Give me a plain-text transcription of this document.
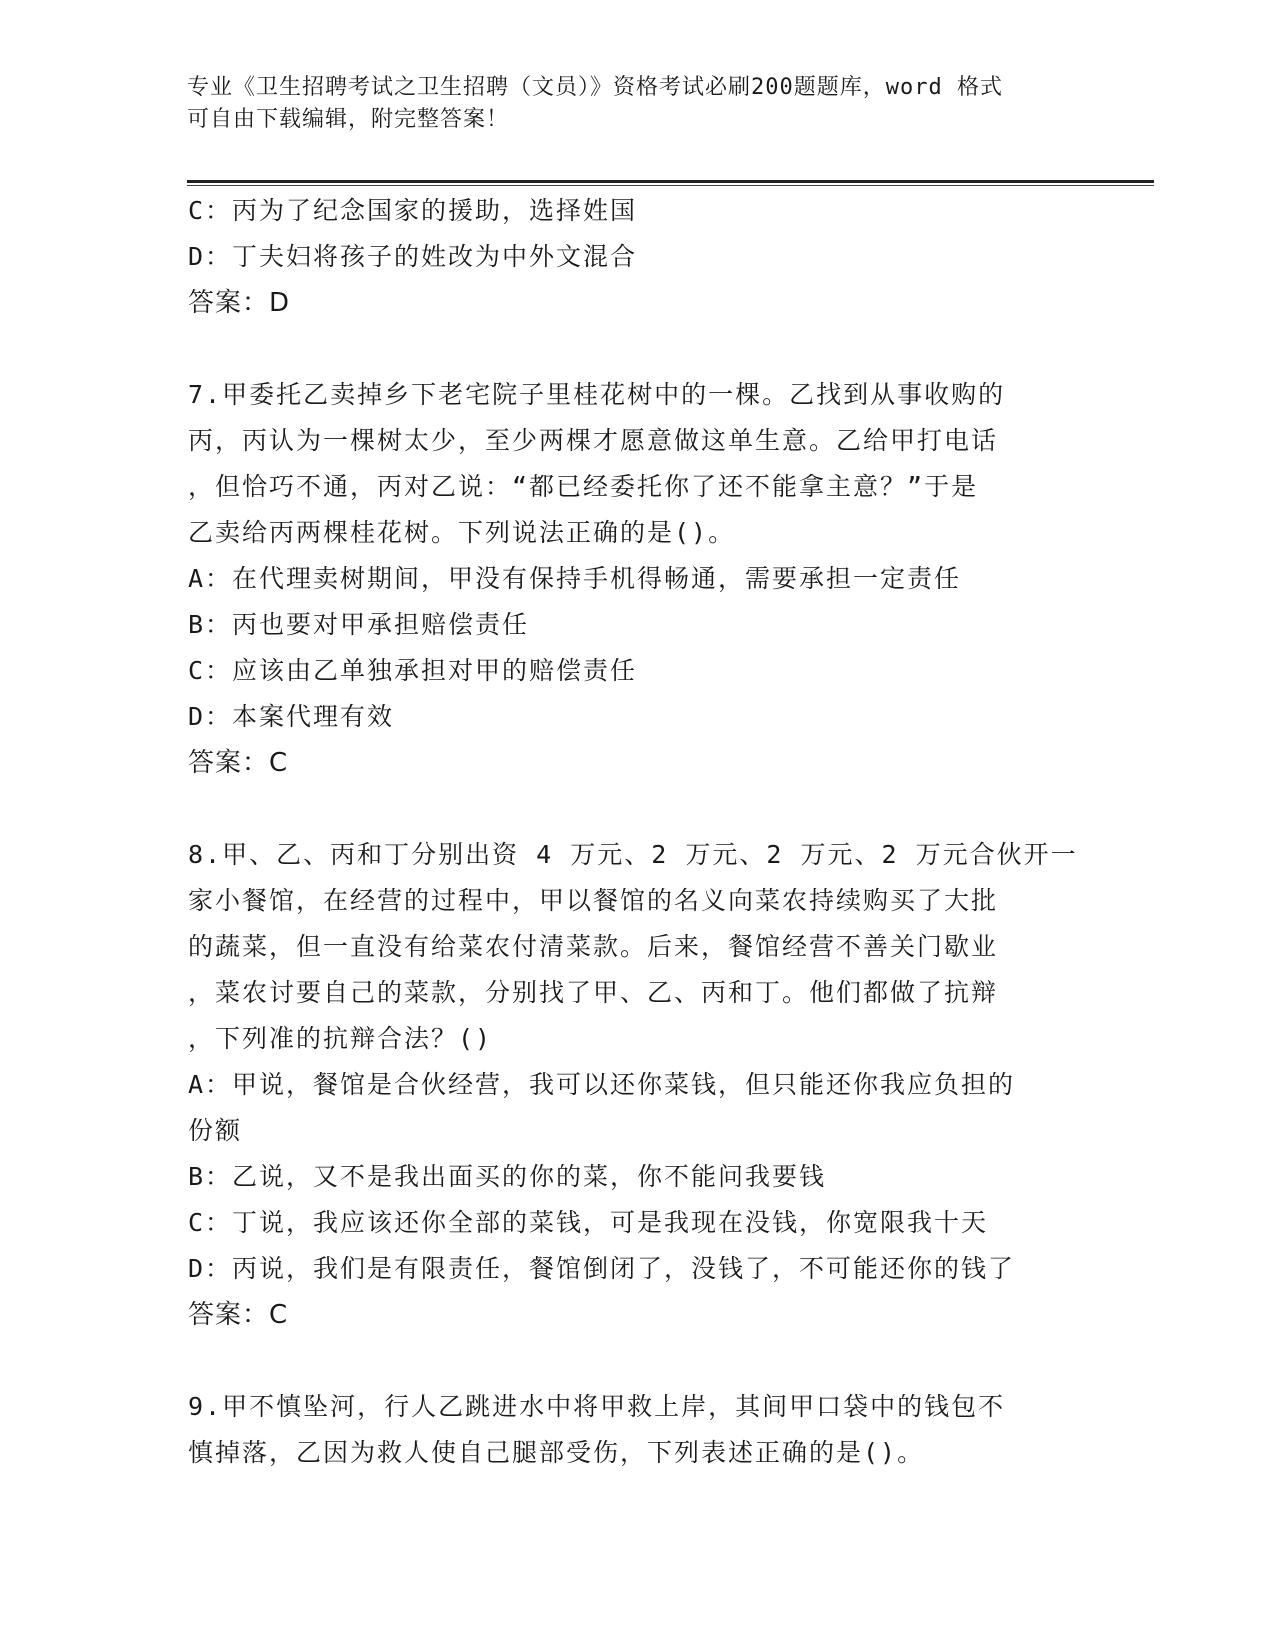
专业《卫生招聘考试之卫生招聘（文员）》资格考试必刷200题题库，word 格式
可自由下载编辑，附完整答案！
C：丙为了纪念国家的援助，选择姓国
D：丁夫妇将孩子的姓改为中外文混合
答案：D
7.甲委托乙卖掉乡下老宅院子里桂花树中的一棵。乙找到从事收购的
丙，丙认为一棵树太少，至少两棵才愿意做这单生意。乙给甲打电话
，但恰巧不通，丙对乙说：“都已经委托你了还不能拿主意？”于是
乙卖给丙两棵桂花树。下列说法正确的是()。
A：在代理卖树期间，甲没有保持手机得畅通，需要承担一定责任
B：丙也要对甲承担赔偿责任
C：应该由乙单独承担对甲的赔偿责任
D：本案代理有效
答案：C
8.甲、乙、丙和丁分别出资 4 万元、2 万元、2 万元、2 万元合伙开一
家小餐馆，在经营的过程中，甲以餐馆的名义向菜农持续购买了大批
的蔬菜，但一直没有给菜农付清菜款。后来，餐馆经营不善关门歇业
，菜农讨要自己的菜款，分别找了甲、乙、丙和丁。他们都做了抗辩
，下列准的抗辩合法？()
A：甲说，餐馆是合伙经营，我可以还你菜钱，但只能还你我应负担的
份额
B：乙说，又不是我出面买的你的菜，你不能问我要钱
C：丁说，我应该还你全部的菜钱，可是我现在没钱，你宽限我十天
D：丙说，我们是有限责任，餐馆倒闭了，没钱了，不可能还你的钱了
答案：C
9.甲不慎坠河，行人乙跳进水中将甲救上岸，其间甲口袋中的钱包不
慎掉落，乙因为救人使自己腿部受伤，下列表述正确的是()。
